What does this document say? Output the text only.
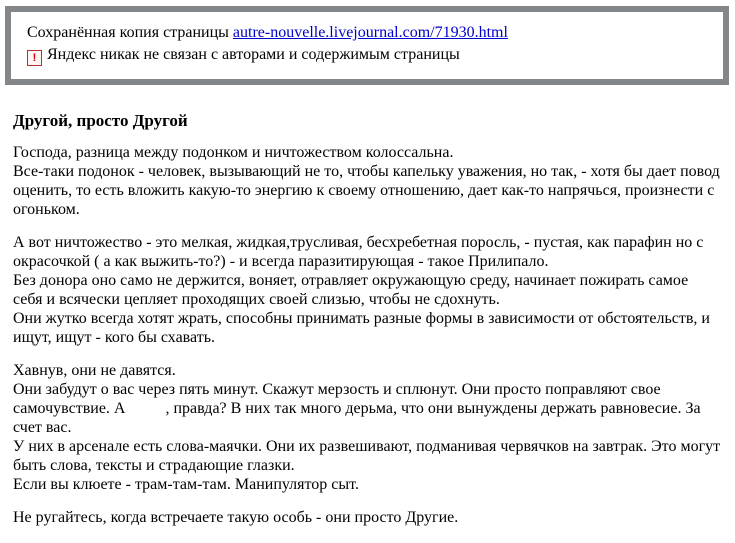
Сохранённая копия страницы autre-nouvelle.livejournal.com/71930.html
! Яндекс никак не связан с авторами и содержимым страницы
Другой, просто Другой
Господа, разница между подонком и ничтожеством колоссальна.
Все-таки подонок - человек, вызывающий не то, чтобы капельку уважения, но так, - хотя бы дает повод
оценить, то есть вложить какую-то энергию к своему отношению, дает как-то напрячься, произнести с
огоньком.
А вот ничтожество - это мелкая, жидкая,трусливая, бесхребетная поросль, - пустая, как парафин но с
окрасочкой ( а как выжить-то?) - и всегда паразитирующая - такое Прилипало.
Без донора оно само не держится, воняет, отравляет окружающую среду, начинает пожирать самое
себя и всячески цепляет проходящих своей слизью, чтобы не сдохнуть.
Они жутко всегда хотят жрать, способны принимать разные формы в зависимости от обстоятельств, и
ищут, ищут - кого бы схавать.
Хавнув, они не давятся.
Они забудут о вас через пять минут. Скажут мерзость и сплюнут. Они просто поправляют свое
самочувствие. А          , правда? В них так много дерьма, что они вынуждены держать равновесие. За
счет вас.
У них в арсенале есть слова-маячки. Они их развешивают, подманивая червячков на завтрак. Это могут
быть слова, тексты и страдающие глазки.
Если вы клюете - трам-там-там. Манипулятор сыт.
Не ругайтесь, когда встречаете такую особь - они просто Другие.
